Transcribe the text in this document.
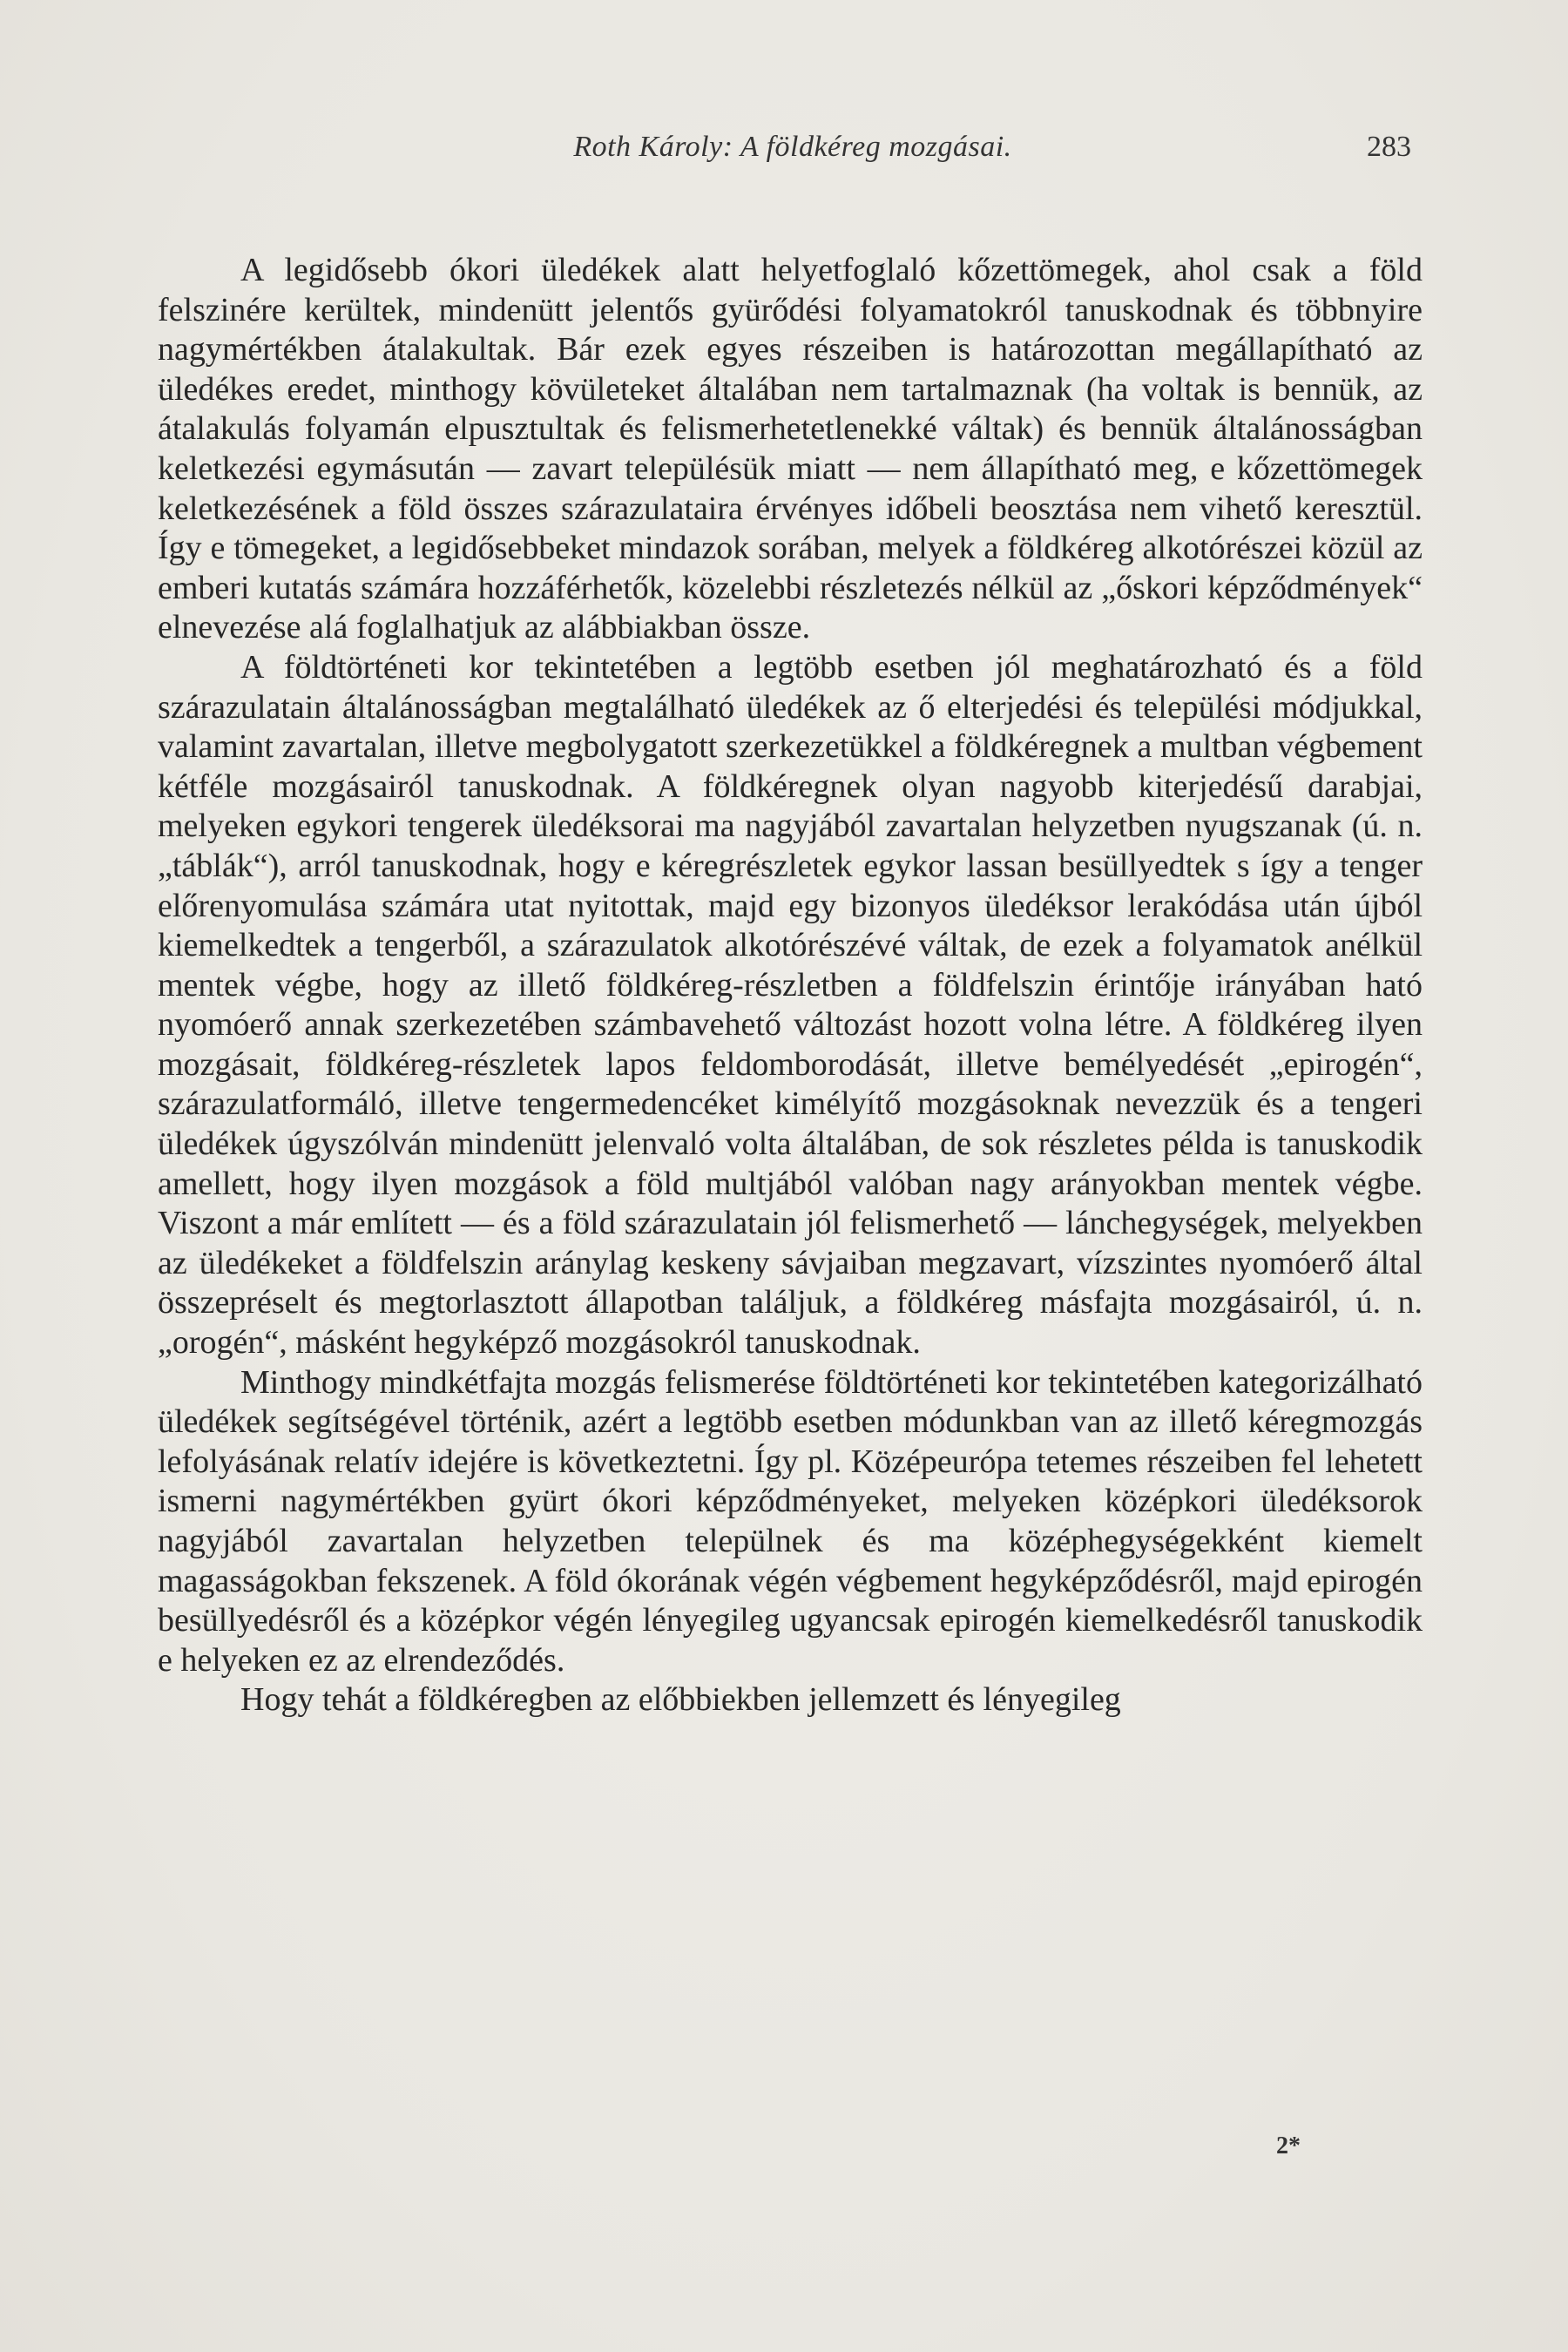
Roth Károly: A földkéreg mozgásai.	283

A legidősebb ókori üledékek alatt helyetfoglaló kőzettömegek, ahol csak a föld felszinére kerültek, mindenütt jelentős gyürődési folyamatokról tanuskodnak és többnyire nagymértékben átalakultak. Bár ezek egyes részeiben is határozottan megállapítható az üledékes eredet, minthogy kövületeket általában nem tartalmaznak (ha voltak is bennük, az átalakulás folyamán elpusztultak és felismerhetetlenekké váltak) és bennük általánosságban keletkezési egymásután — zavart településük miatt — nem állapítható meg, e kőzettömegek keletkezésének a föld összes szárazulataira érvényes időbeli beosztása nem vihető keresztül. Így e tömegeket, a legidősebbeket mindazok sorában, melyek a földkéreg alkotórészei közül az emberi kutatás számára hozzáférhetők, közelebbi részletezés nélkül az „őskori képződmények“ elnevezése alá foglalhatjuk az alábbiakban össze.

A földtörténeti kor tekintetében a legtöbb esetben jól meghatározható és a föld szárazulatain általánosságban megtalálható üledékek az ő elterjedési és települési módjukkal, valamint zavartalan, illetve megbolygatott szerkezetükkel a földkéregnek a multban végbement kétféle mozgásairól tanuskodnak. A földkéregnek olyan nagyobb kiterjedésű darabjai, melyeken egykori tengerek üledéksorai ma nagyjából zavartalan helyzetben nyugszanak (ú. n. „táblák“), arról tanuskodnak, hogy e kéregrészletek egykor lassan besüllyedtek s így a tenger előrenyomulása számára utat nyitottak, majd egy bizonyos üledéksor lerakódása után újból kiemelkedtek a tengerből, a szárazulatok alkotórészévé váltak, de ezek a folyamatok anélkül mentek végbe, hogy az illető földkéreg-részletben a földfelszin érintője irányában ható nyomóerő annak szerkezetében számbavehető változást hozott volna létre. A földkéreg ilyen mozgásait, földkéreg-részletek lapos feldomborodását, illetve bemélyedését „epirogén“, szárazulatformáló, illetve tengermedencéket kimélyítő mozgásoknak nevezzük és a tengeri üledékek úgyszólván mindenütt jelenvaló volta általában, de sok részletes példa is tanuskodik amellett, hogy ilyen mozgások a föld multjából valóban nagy arányokban mentek végbe. Viszont a már említett — és a föld szárazulatain jól felismerhető — lánchegységek, melyekben az üledékeket a földfelszin aránylag keskeny sávjaiban megzavart, vízszintes nyomóerő által összepréselt és megtorlasztott állapotban találjuk, a földkéreg másfajta mozgásairól, ú. n. „orogén“, másként hegyképző mozgásokról tanuskodnak.

Minthogy mindkétfajta mozgás felismerése földtörténeti kor tekintetében kategorizálható üledékek segítségével történik, azért a legtöbb esetben módunkban van az illető kéregmozgás lefolyásának relatív idejére is következtetni. Így pl. Középeurópa tetemes részeiben fel lehetett ismerni nagymértékben gyürt ókori képződményeket, melyeken középkori üledéksorok nagyjából zavartalan helyzetben települnek és ma középhegységekként kiemelt magasságokban fekszenek. A föld ókorának végén végbement hegyképződésről, majd epirogén besüllyedésről és a középkor végén lényegileg ugyancsak epirogén kiemelkedésről tanuskodik e helyeken ez az elrendeződés.

Hogy tehát a földkéregben az előbbiekben jellemzett és lényegileg

2*
